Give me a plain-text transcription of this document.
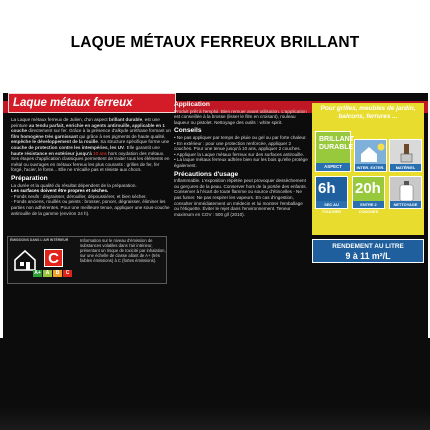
LAQUE MÉTAUX FERREUX BRILLANT
Laque métaux ferreux

La Laque métaux ferreux de Julien, d'un aspect brillant durable, est une peinture au tendu parfait, enrichie en agents antirouille, applicable en 1 couche directement sur fer. Grâce à la présence d'alkyde uréthane formant un film homogène très garnissant qui grâce à ses pigments de haute qualité, empêche le développement de la rouille. Sa structure spécifique forme une couche de protection contre les intempéries, les UV. Elle garantit une haute résistance en extérieur jusqu'à 10 ans hors oxydation des métaux. Ses étapes d'application classiques permettent de traiter tous les éléments en métal ou ouvrages en métaux ferreux les plus courants : grilles de fer, fer forgé, l'acier, le fonte... Elle ne s'écaille pas et résiste aux chocs.

Préparation

La durée et la qualité du résultat dépendent de la préparation.

Les surfaces doivent être propres et sèches.

- Fonds neufs : dégraisser, dérouiller, dépoussiérer, et bien sécher.

- Fonds anciens, rouillés ou peints : brosser, poncer, dégraisser, éliminer les parties non adhérentes. Pour une meilleure tenue, appliquer une sous-couche antirouille de la gamme (environ 24 h).

ÉMISSIONS DANS L'AIR INTÉRIEUR
C
A+ A	B	C
Information sur le niveau d'émission de substances volatiles dans l'air intérieur, présentant un risque de toxicité par inhalation, sur une échelle de classe allant de A+ (très faibles émissions) à C (fortes émissions).
Application

Produit prêt à l'emploi. Bien remuer avant utilisation. L'application est conseillée à la brosse (lisser le film en croisant), rouleau laqueur ou pistolet. Nettoyage des outils : white spirit.

Conseils

• Ne pas appliquer par temps de pluie ou gel ou par forte chaleur.

• En extérieur : pour une protection renforcée, appliquer 2 couches. Pour une tenue jusqu'à 10 ans, appliquer 2 couches.

• Appliquer la Laque métaux ferreux sur des surfaces antirouille.

• La laque métaux ferreux adhère bien sur les bois qu'elle protège également.

Précautions d'usage

Inflammable. L'exposition répétée peut provoquer dessèchement ou gerçures de la peau. Conserver hors de la portée des enfants. Conserver à l'écart de toute flamme ou source d'étincelles - Ne pas fumer. Ne pas respirer les vapeurs. En cas d'ingestion, consulter immédiatement un médecin et lui montrer l'emballage ou l'étiquette. Éviter le rejet dans l'environnement. Teneur maximum en COV : 500 g/l (2010).

Pour grilles, meubles de jardin, balcons, ferrures ...
BRILLANT
DURABLE
ASPECT	INTER. EXTER.	MATÉRIEL
6h
SEC AU TOUCHER
20h
ENTRE 2 COUCHES
NETTOYAGE
RENDEMENT AU LITRE
9 à 11 m²/L
